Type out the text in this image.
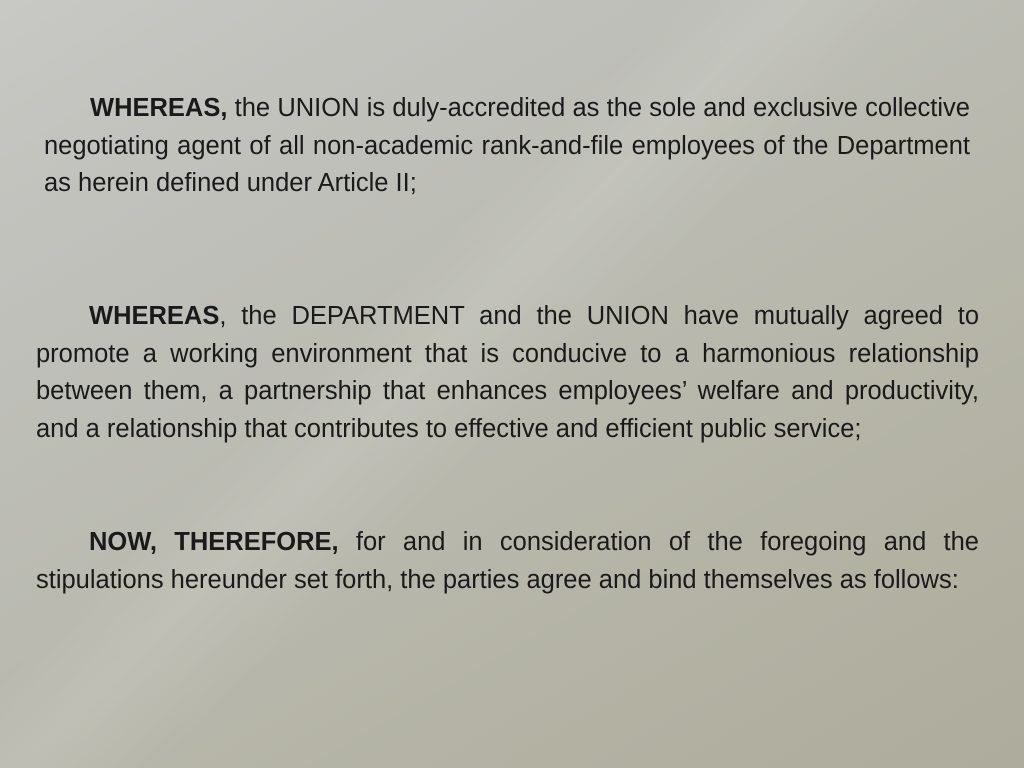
WHEREAS, the UNION is duly-accredited as the sole and exclusive collective negotiating agent of all non-academic rank-and-file employees of the Department as herein defined under Article II;

WHEREAS, the DEPARTMENT and the UNION have mutually agreed to promote a working environment that is conducive to a harmonious relationship between them, a partnership that enhances employees’ welfare and productivity, and a relationship that contributes to effective and efficient public service;

NOW, THEREFORE, for and in consideration of the foregoing and the stipulations hereunder set forth, the parties agree and bind themselves as follows:
